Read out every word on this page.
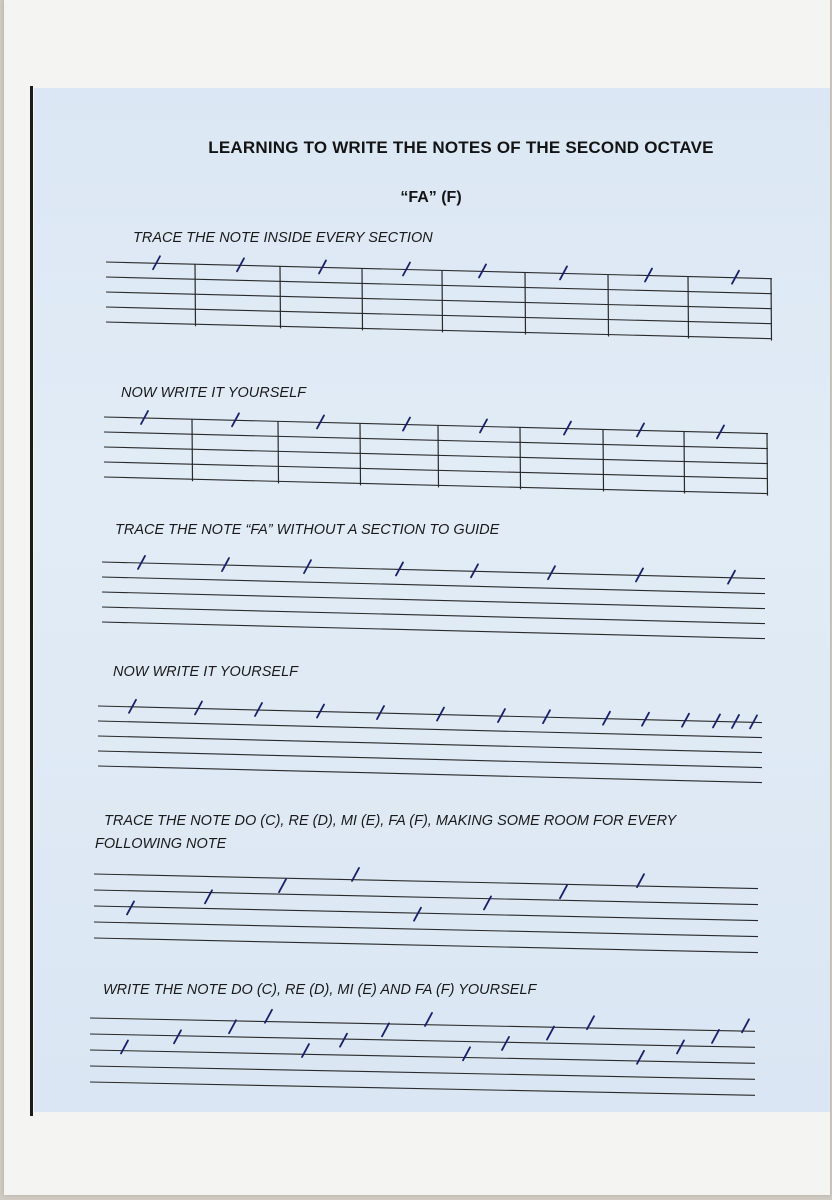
LEARNING TO WRITE THE NOTES OF THE SECOND OCTAVE
“FA” (F)
TRACE THE NOTE INSIDE EVERY SECTION
NOW WRITE IT YOURSELF
TRACE THE NOTE “FA” WITHOUT A SECTION TO GUIDE
NOW WRITE IT YOURSELF
TRACE THE NOTE DO (C), RE (D), MI (E), FA (F), MAKING SOME ROOM FOR EVERY FOLLOWING NOTE
WRITE THE NOTE DO (C), RE (D), MI (E) AND FA (F) YOURSELF
